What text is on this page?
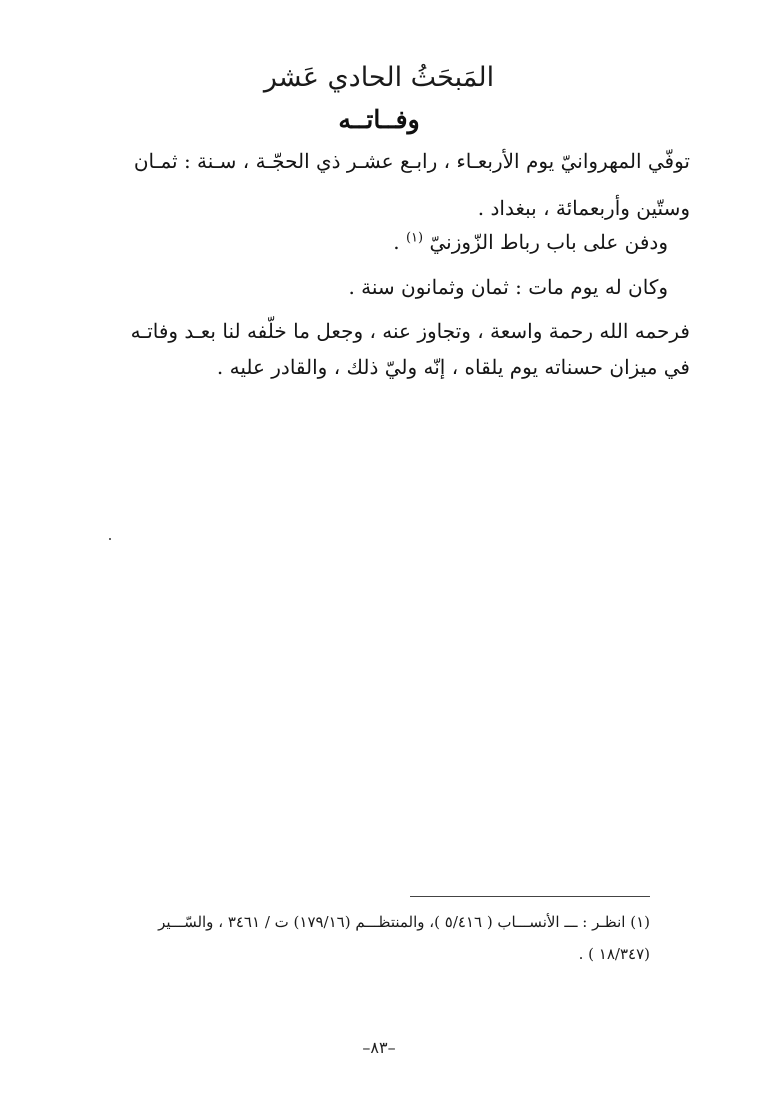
المَبحَثُ الحادي عَشر
وفــاتــه
توفّي المهروانيّ يوم الأربعـاء ، رابـع عشـر ذي الحجّـة ، سـنة : ثمـان
وستّين وأربعمائة ، ببغداد .
ودفن على باب رباط الزّوزنيّ $^{(١)}$ .
وكان له يوم مات : ثمان وثمانون سنة .
فرحمه الله رحمة واسعة ، وتجاوز عنه ، وجعل ما خلّفه لنا بعـد وفاتـه
في ميزان حسناته يوم يلقاه ، إنّه وليّ ذلك ، والقادر عليه .
(١) انظـر : ـــ الأنســـاب ( ٥/٤١٦ )، والمنتظـــم (١٧٩/١٦) ت / ٣٤٦١ ، والسّـــير
(١٨/٣٤٧ ) .
–٨٣–
